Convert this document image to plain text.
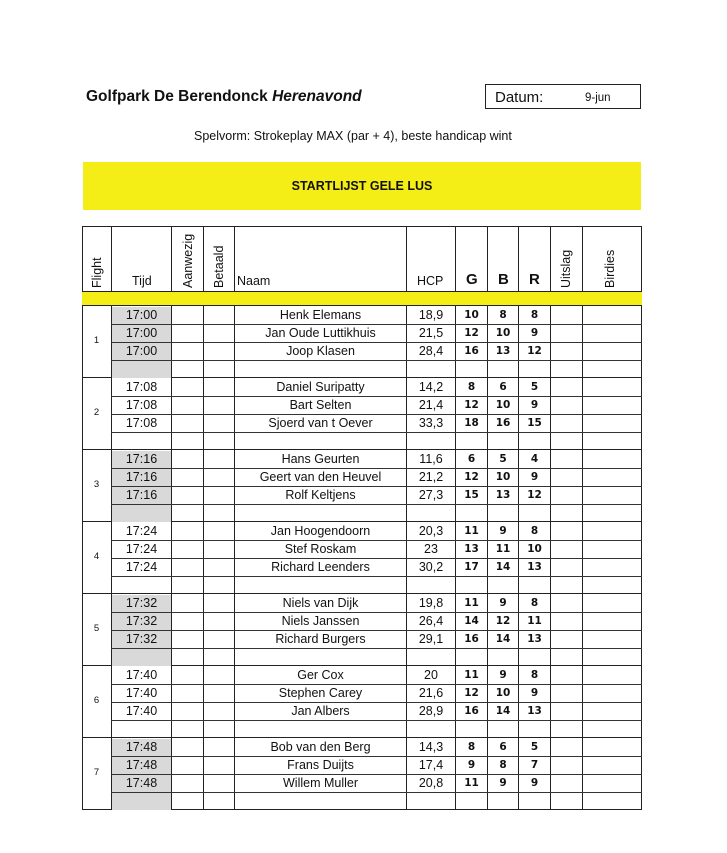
Golfpark De Berendonck Herenavond	Datum:	9-jun
Spelvorm: Strokeplay MAX (par + 4), beste handicap wint
STARTLIJST GELE LUS
Flight Tijd Aanwezig Betaald Naam	HCP G B R Uitslag Birdies
1
17:00	Henk Elemans	18,9	10	8	8
17:00	Jan Oude Luttikhuis	21,5	12	10	9
17:00	Joop Klasen	28,4	16	13	12
2
17:08	Daniel Suripatty	14,2	8	6	5
17:08	Bart Selten	21,4	12	10	9
17:08	Sjoerd van t Oever	33,3	18	16	15
3
17:16	Hans Geurten	11,6	6	5	4
17:16	Geert van den Heuvel	21,2	12	10	9
17:16	Rolf Keltjens	27,3	15	13	12
4
17:24	Jan Hoogendoorn	20,3	11	9	8
17:24	Stef Roskam	23	13	11	10
17:24	Richard Leenders	30,2	17	14	13
5
17:32	Niels van Dijk	19,8	11	9	8
17:32	Niels Janssen	26,4	14	12	11
17:32	Richard Burgers	29,1	16	14	13
6
17:40	Ger Cox	20	11	9	8
17:40	Stephen Carey	21,6	12	10	9
17:40	Jan Albers	28,9	16	14	13
7
17:48	Bob van den Berg	14,3	8	6	5
17:48	Frans Duijts	17,4	9	8	7
17:48	Willem Muller	20,8	11	9	9
